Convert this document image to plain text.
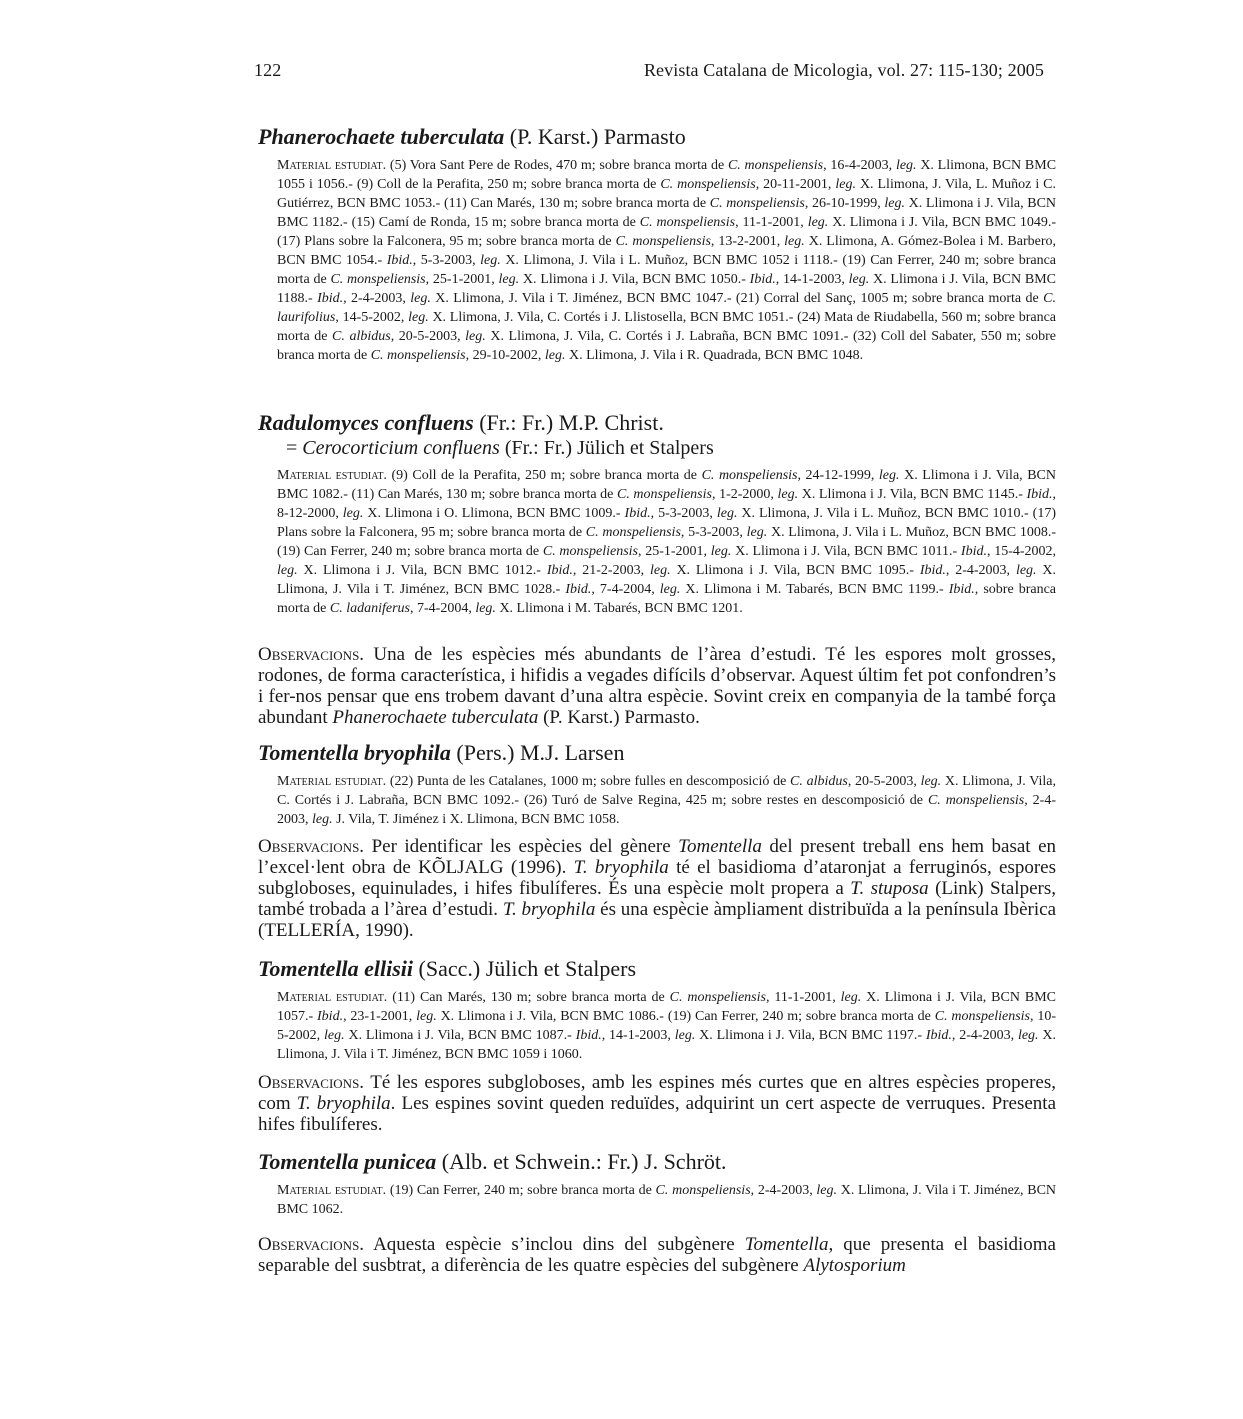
122	Revista Catalana de Micologia, vol. 27: 115-130; 2005

Phanerochaete tuberculata (P. Karst.) Parmasto

Material estudiat. (5) Vora Sant Pere de Rodes, 470 m; sobre branca morta de C. monspeliensis, 16-4-2003, leg. X. Llimona, BCN BMC 1055 i 1056.- (9) Coll de la Perafita, 250 m; sobre branca morta de C. monspeliensis, 20-11-2001, leg. X. Llimona, J. Vila, L. Muñoz i C. Gutiérrez, BCN BMC 1053.- (11) Can Marés, 130 m; sobre branca morta de C. monspeliensis, 26-10-1999, leg. X. Llimona i J. Vila, BCN BMC 1182.- (15) Camí de Ronda, 15 m; sobre branca morta de C. monspeliensis, 11-1-2001, leg. X. Llimona i J. Vila, BCN BMC 1049.- (17) Plans sobre la Falconera, 95 m; sobre branca morta de C. monspeliensis, 13-2-2001, leg. X. Llimona, A. Gómez-Bolea i M. Barbero, BCN BMC 1054.- Ibid., 5-3-2003, leg. X. Llimona, J. Vila i L. Muñoz, BCN BMC 1052 i 1118.- (19) Can Ferrer, 240 m; sobre branca morta de C. monspeliensis, 25-1-2001, leg. X. Llimona i J. Vila, BCN BMC 1050.- Ibid., 14-1-2003, leg. X. Llimona i J. Vila, BCN BMC 1188.- Ibid., 2-4-2003, leg. X. Llimona, J. Vila i T. Jiménez, BCN BMC 1047.- (21) Corral del Sanç, 1005 m; sobre branca morta de C. laurifolius, 14-5-2002, leg. X. Llimona, J. Vila, C. Cortés i J. Llistosella, BCN BMC 1051.- (24) Mata de Riudabella, 560 m; sobre branca morta de C. albidus, 20-5-2003, leg. X. Llimona, J. Vila, C. Cortés i J. Labraña, BCN BMC 1091.- (32) Coll del Sabater, 550 m; sobre branca morta de C. monspeliensis, 29-10-2002, leg. X. Llimona, J. Vila i R. Quadrada, BCN BMC 1048.

Radulomyces confluens (Fr.: Fr.) M.P. Christ.

= Cerocorticium confluens (Fr.: Fr.) Jülich et Stalpers

Material estudiat. (9) Coll de la Perafita, 250 m; sobre branca morta de C. monspeliensis, 24-12-1999, leg. X. Llimona i J. Vila, BCN BMC 1082.- (11) Can Marés, 130 m; sobre branca morta de C. monspeliensis, 1-2-2000, leg. X. Llimona i J. Vila, BCN BMC 1145.- Ibid., 8-12-2000, leg. X. Llimona i O. Llimona, BCN BMC 1009.- Ibid., 5-3-2003, leg. X. Llimona, J. Vila i L. Muñoz, BCN BMC 1010.- (17) Plans sobre la Falconera, 95 m; sobre branca morta de C. monspeliensis, 5-3-2003, leg. X. Llimona, J. Vila i L. Muñoz, BCN BMC 1008.- (19) Can Ferrer, 240 m; sobre branca morta de C. monspeliensis, 25-1-2001, leg. X. Llimona i J. Vila, BCN BMC 1011.- Ibid., 15-4-2002, leg. X. Llimona i J. Vila, BCN BMC 1012.- Ibid., 21-2-2003, leg. X. Llimona i J. Vila, BCN BMC 1095.- Ibid., 2-4-2003, leg. X. Llimona, J. Vila i T. Jiménez, BCN BMC 1028.- Ibid., 7-4-2004, leg. X. Llimona i M. Tabarés, BCN BMC 1199.- Ibid., sobre branca morta de C. ladaniferus, 7-4-2004, leg. X. Llimona i M. Tabarés, BCN BMC 1201.

Observacions. Una de les espècies més abundants de l’àrea d’estudi. Té les espores molt grosses, rodones, de forma característica, i hifidis a vegades difícils d’observar. Aquest últim fet pot confondren’s i fer-nos pensar que ens trobem davant d’una altra espècie. Sovint creix en companyia de la també força abundant Phanerochaete tuberculata (P. Karst.) Parmasto.

Tomentella bryophila (Pers.) M.J. Larsen

Material estudiat. (22) Punta de les Catalanes, 1000 m; sobre fulles en descomposició de C. albidus, 20-5-2003, leg. X. Llimona, J. Vila, C. Cortés i J. Labraña, BCN BMC 1092.- (26) Turó de Salve Regina, 425 m; sobre restes en descomposició de C. monspeliensis, 2-4-2003, leg. J. Vila, T. Jiménez i X. Llimona, BCN BMC 1058.

Observacions. Per identificar les espècies del gènere Tomentella del present treball ens hem basat en l’excel·lent obra de KÕLJALG (1996). T. bryophila té el basidioma d’ataronjat a ferruginós, espores subgloboses, equinulades, i hifes fibulíferes. És una espècie molt propera a T. stuposa (Link) Stalpers, també trobada a l’àrea d’estudi. T. bryophila és una espècie àmpliament distribuïda a la península Ibèrica (TELLERÍA, 1990).

Tomentella ellisii (Sacc.) Jülich et Stalpers

Material estudiat. (11) Can Marés, 130 m; sobre branca morta de C. monspeliensis, 11-1-2001, leg. X. Llimona i J. Vila, BCN BMC 1057.- Ibid., 23-1-2001, leg. X. Llimona i J. Vila, BCN BMC 1086.- (19) Can Ferrer, 240 m; sobre branca morta de C. monspeliensis, 10-5-2002, leg. X. Llimona i J. Vila, BCN BMC 1087.- Ibid., 14-1-2003, leg. X. Llimona i J. Vila, BCN BMC 1197.- Ibid., 2-4-2003, leg. X. Llimona, J. Vila i T. Jiménez, BCN BMC 1059 i 1060.

Observacions. Té les espores subgloboses, amb les espines més curtes que en altres espècies properes, com T. bryophila. Les espines sovint queden reduïdes, adquirint un cert aspecte de verruques. Presenta hifes fibulíferes.

Tomentella punicea (Alb. et Schwein.: Fr.) J. Schröt.

Material estudiat. (19) Can Ferrer, 240 m; sobre branca morta de C. monspeliensis, 2-4-2003, leg. X. Llimona, J. Vila i T. Jiménez, BCN BMC 1062.

Observacions. Aquesta espècie s’inclou dins del subgènere Tomentella, que presenta el basidioma separable del susbtrat, a diferència de les quatre espècies del subgènere Alytosporium
